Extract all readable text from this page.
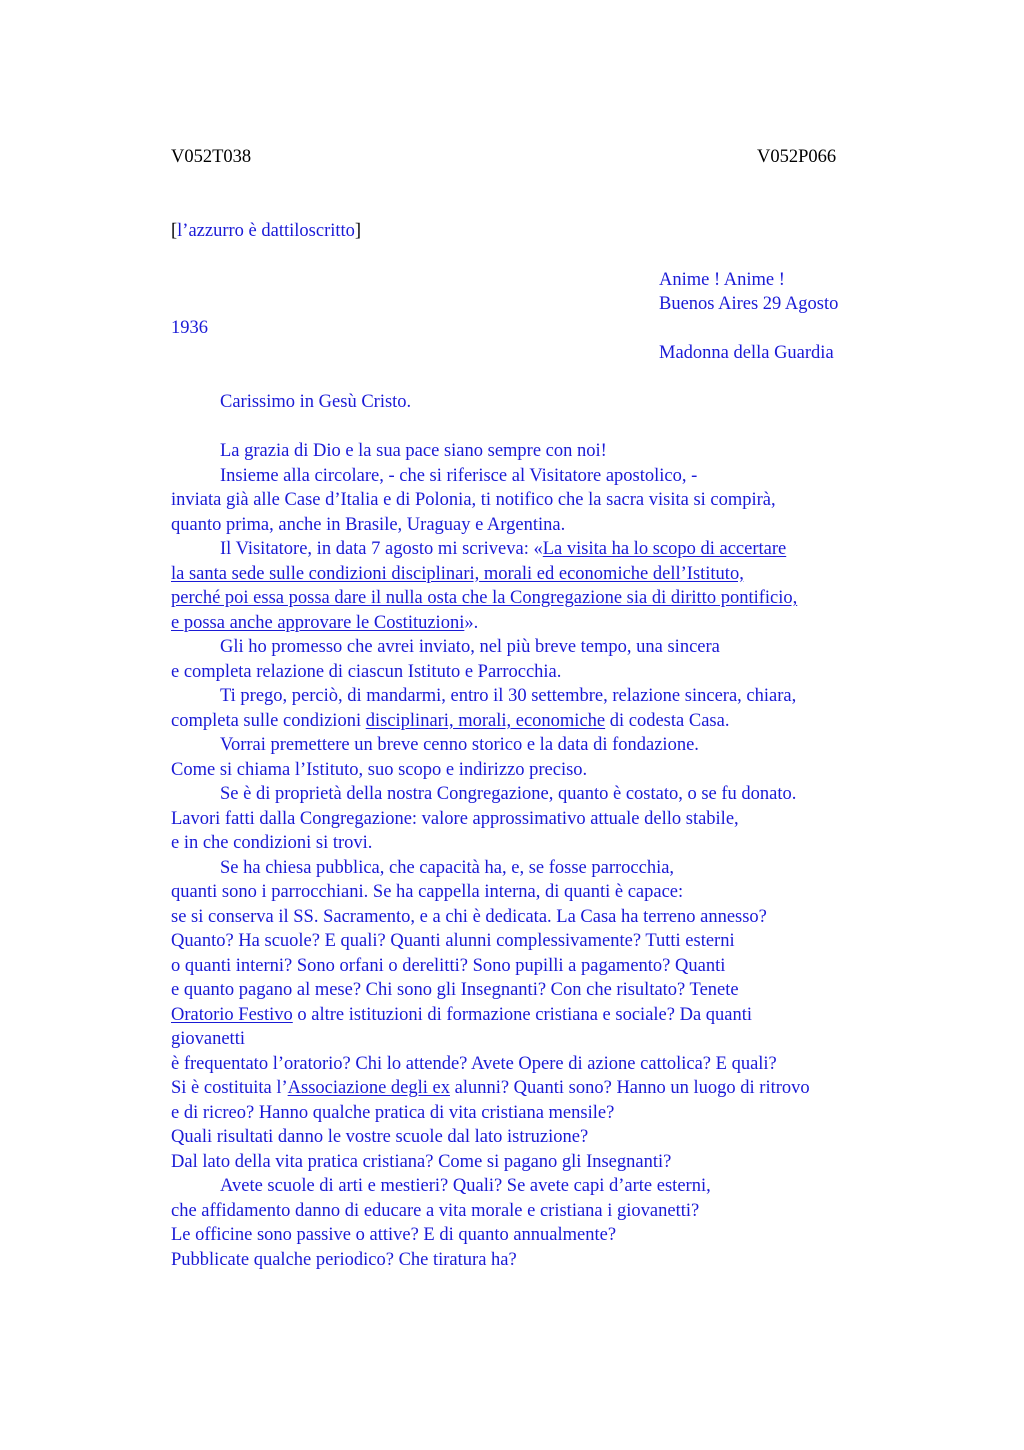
V052T038	V052P066
[l’azzurro è dattiloscritto]
Anime ! Anime !
Buenos Aires 29 Agosto
1936
Madonna della Guardia
Carissimo in Gesù Cristo.
La grazia di Dio e la sua pace siano sempre con noi!
Insieme alla circolare, - che si riferisce al Visitatore apostolico, -
inviata già alle Case d’Italia e di Polonia, ti notifico che la sacra visita si compirà,
quanto prima, anche in Brasile, Uraguay e Argentina.
Il Visitatore, in data 7 agosto mi scriveva: «La visita ha lo scopo di accertare
la santa sede sulle condizioni disciplinari, morali ed economiche dell’Istituto,
perché poi essa possa dare il nulla osta che la Congregazione sia di diritto pontificio,
e possa anche approvare le Costituzioni».
Gli ho promesso che avrei inviato, nel più breve tempo, una sincera
e completa relazione di ciascun Istituto e Parrocchia.
Ti prego, perciò, di mandarmi, entro il 30 settembre, relazione sincera, chiara,
completa sulle condizioni disciplinari, morali, economiche di codesta Casa.
Vorrai premettere un breve cenno storico e la data di fondazione.
Come si chiama l’Istituto, suo scopo e indirizzo preciso.
Se è di proprietà della nostra Congregazione, quanto è costato, o se fu donato.
Lavori fatti dalla Congregazione: valore approssimativo attuale dello stabile,
e in che condizioni si trovi.
Se ha chiesa pubblica, che capacità ha, e, se fosse parrocchia,
quanti sono i parrocchiani. Se ha cappella interna, di quanti è capace:
se si conserva il SS. Sacramento, e a chi è dedicata. La Casa ha terreno annesso?
Quanto? Ha scuole? E quali? Quanti alunni complessivamente? Tutti esterni
o quanti interni? Sono orfani o derelitti? Sono pupilli a pagamento? Quanti
e quanto pagano al mese? Chi sono gli Insegnanti? Con che risultato? Tenete
Oratorio Festivo o altre istituzioni di formazione cristiana e sociale? Da quanti
giovanetti
è frequentato l’oratorio? Chi lo attende? Avete Opere di azione cattolica? E quali?
Si è costituita l’Associazione degli ex alunni? Quanti sono? Hanno un luogo di ritrovo
e di ricreo? Hanno qualche pratica di vita cristiana mensile?
Quali risultati danno le vostre scuole dal lato istruzione?
Dal lato della vita pratica cristiana? Come si pagano gli Insegnanti?
Avete scuole di arti e mestieri? Quali? Se avete capi d’arte esterni,
che affidamento danno di educare a vita morale e cristiana i giovanetti?
Le officine sono passive o attive? E di quanto annualmente?
Pubblicate qualche periodico? Che tiratura ha?
